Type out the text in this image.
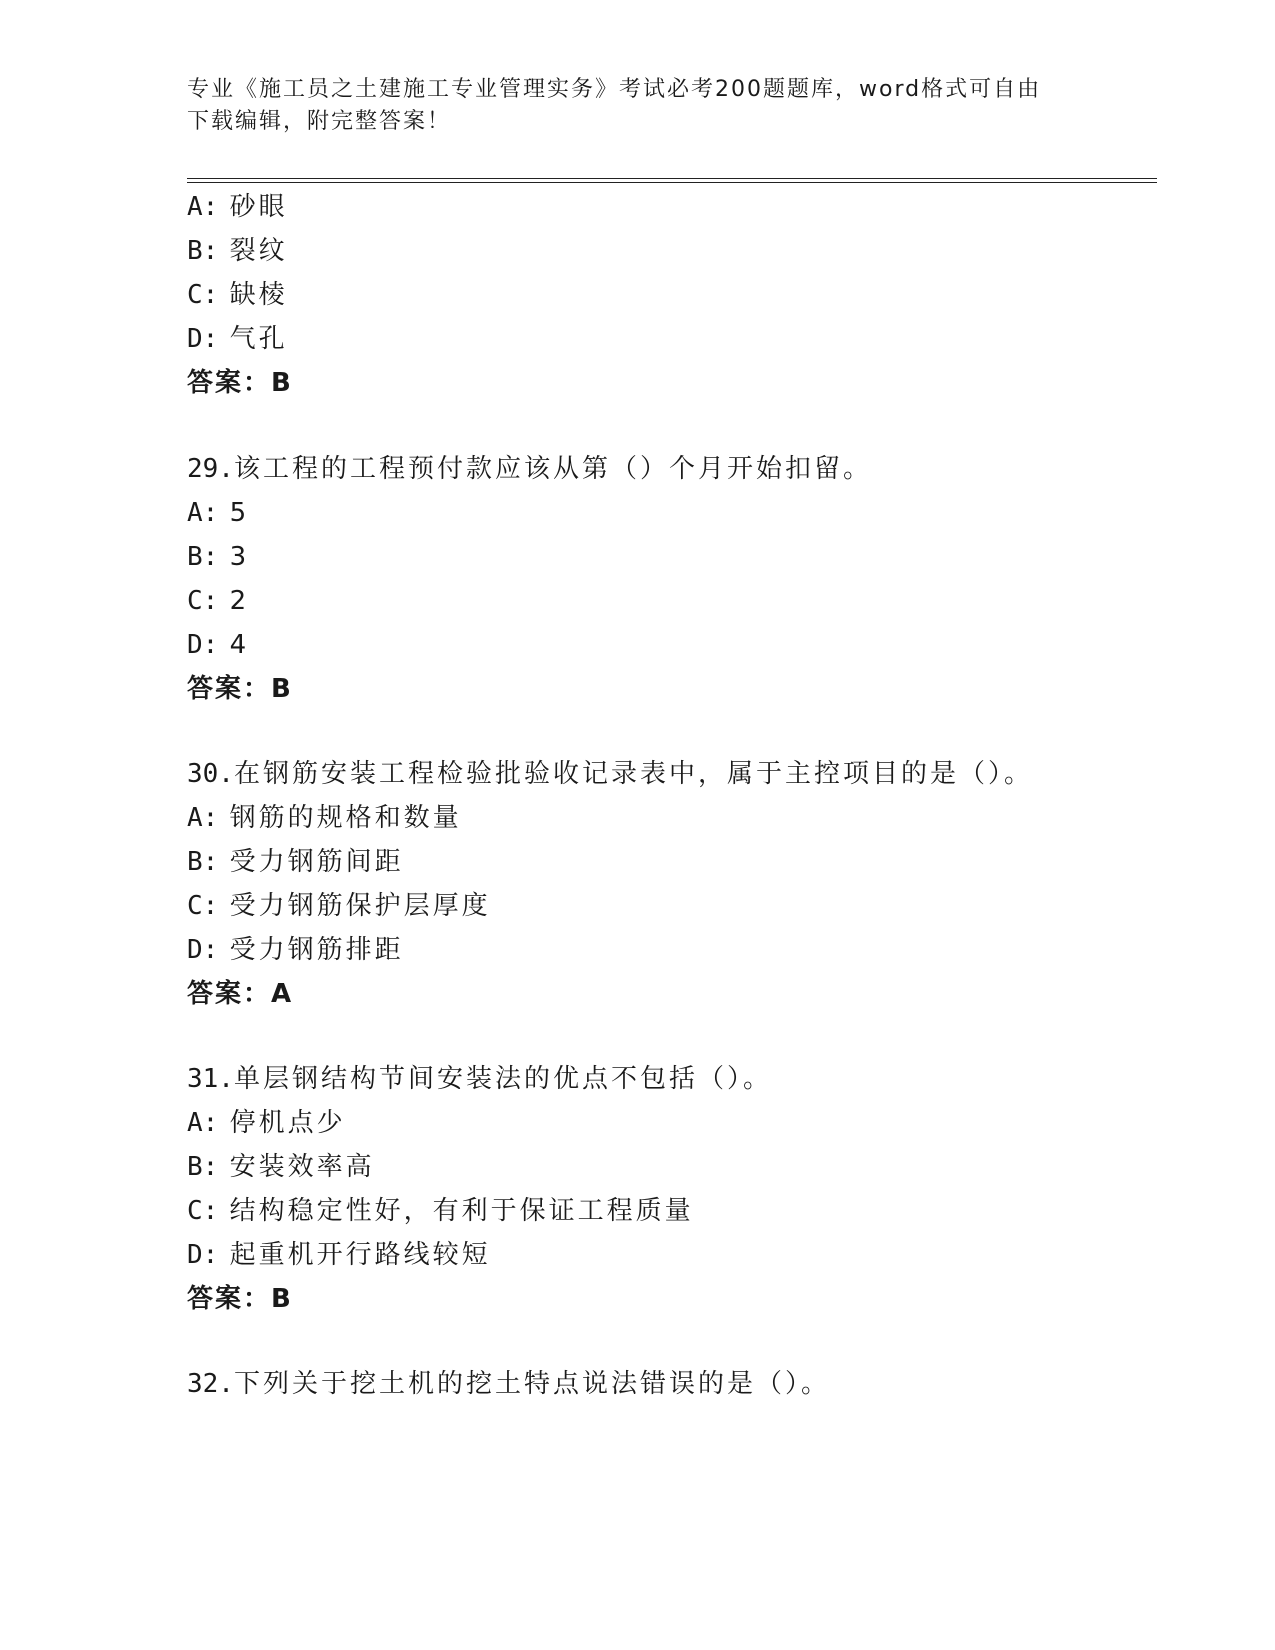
专业《施工员之土建施工专业管理实务》考试必考200题题库，word格式可自由
下载编辑，附完整答案！
A: 砂眼
B: 裂纹
C: 缺棱
D: 气孔
答案：B
29.该工程的工程预付款应该从第（）个月开始扣留。
A: 5
B: 3
C: 2
D: 4
答案：B
30.在钢筋安装工程检验批验收记录表中，属于主控项目的是（）。
A: 钢筋的规格和数量
B: 受力钢筋间距
C: 受力钢筋保护层厚度
D: 受力钢筋排距
答案：A
31.单层钢结构节间安装法的优点不包括（）。
A: 停机点少
B: 安装效率高
C: 结构稳定性好，有利于保证工程质量
D: 起重机开行路线较短
答案：B
32.下列关于挖土机的挖土特点说法错误的是（）。
